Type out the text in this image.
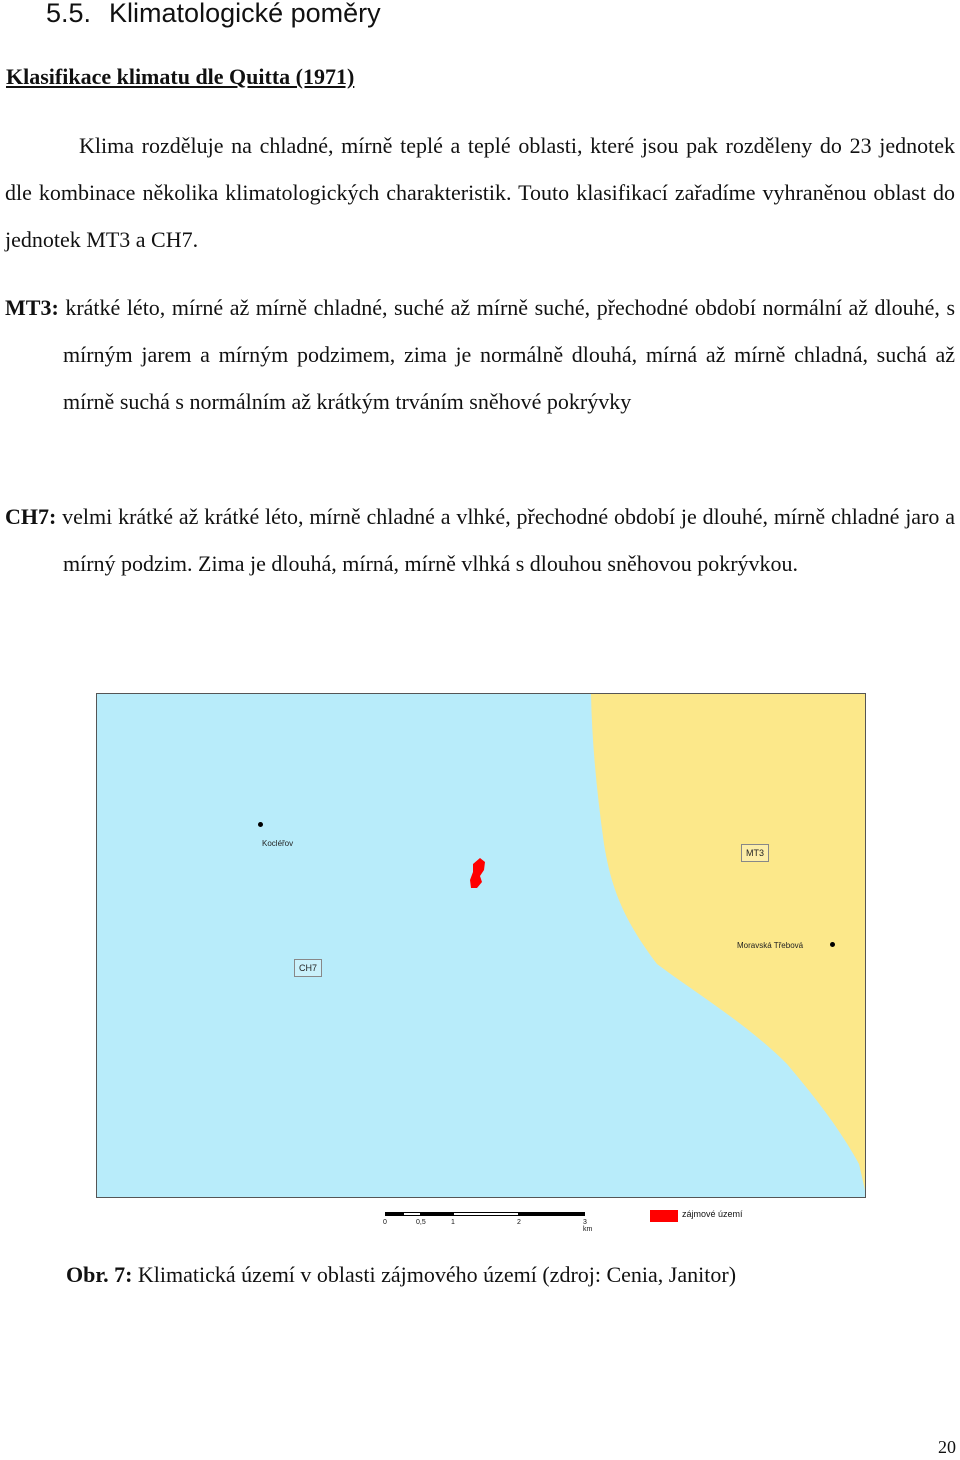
5.5. Klimatologické poměry
Klasifikace klimatu dle Quitta (1971)

Klima rozděluje na chladné, mírně teplé a teplé oblasti, které jsou pak rozděleny do 23 jednotek dle kombinace několika klimatologických charakteristik. Touto klasifikací zařadíme vyhraněnou oblast do jednotek MT3 a CH7.

MT3: krátké léto, mírné až mírně chladné, suché až mírně suché, přechodné období normální až dlouhé, s mírným jarem a mírným podzimem, zima je normálně dlouhá, mírná až mírně chladná, suchá až mírně suchá s normálním až krátkým trváním sněhové pokrývky

CH7: velmi krátké až krátké léto, mírně chladné a vlhké, přechodné období je dlouhé, mírně chladné jaro a mírný podzim. Zima je dlouhá, mírná, mírně vlhká s dlouhou sněhovou pokrývkou.

Kocléřov
Moravská Třebová
MT3
CH7
0	0,5	1	2	3 km
zájmové území

Obr. 7: Klimatická území v oblasti zájmového území (zdroj: Cenia, Janitor)

20
